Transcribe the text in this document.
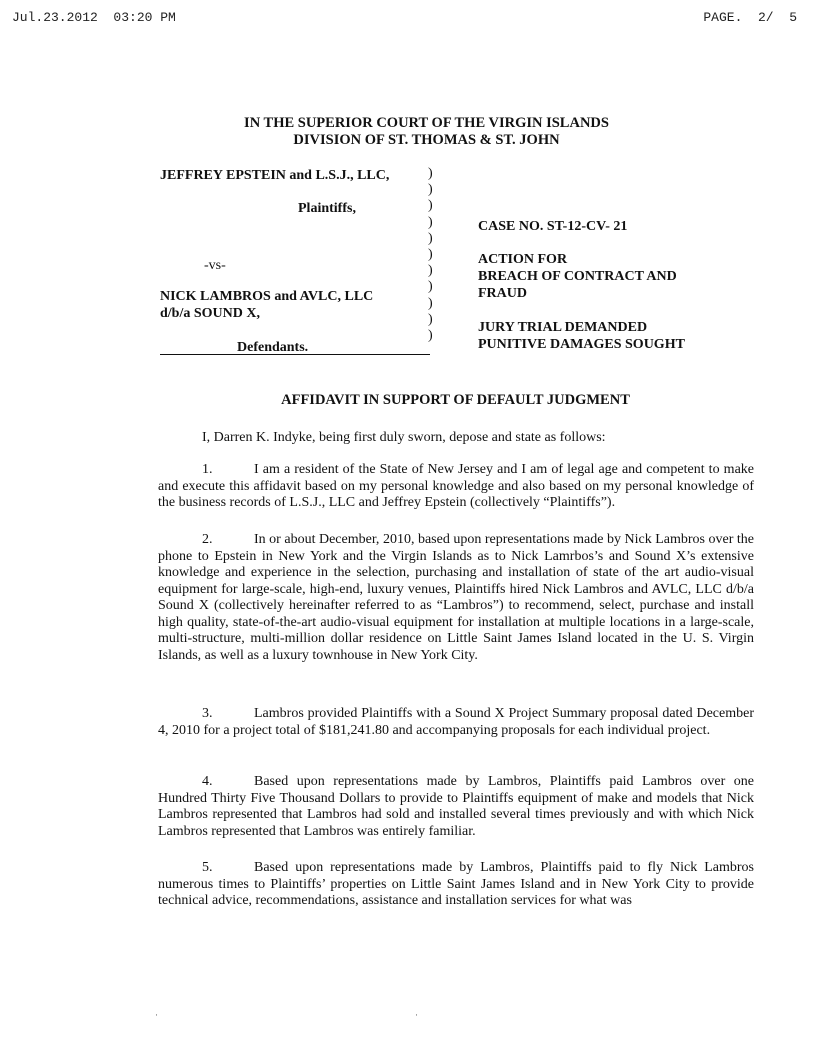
Jul.23.2012  03:20 PM	PAGE.  2/  5
IN THE SUPERIOR COURT OF THE VIRGIN ISLANDS
DIVISION OF ST. THOMAS & ST. JOHN
JEFFREY EPSTEIN and L.S.J., LLC,
Plaintiffs,
-vs-
NICK LAMBROS and AVLC, LLC
d/b/a SOUND X,
Defendants.
)
)
)
)
)
)
)
)
)
)
)
CASE NO. ST-12-CV- 21
ACTION FOR
BREACH OF CONTRACT AND
FRAUD
JURY TRIAL DEMANDED
PUNITIVE DAMAGES SOUGHT
AFFIDAVIT IN SUPPORT OF DEFAULT JUDGMENT
I, Darren K. Indyke, being first duly sworn, depose and state as follows:
1.	I am a resident of the State of New Jersey and I am of legal age and competent to make and execute this affidavit based on my personal knowledge and also based on my personal knowledge of the business records of L.S.J., LLC and Jeffrey Epstein (collectively “Plaintiffs”).
2.	In or about December, 2010, based upon representations made by Nick Lambros over the phone to Epstein in New York and the Virgin Islands as to Nick Lamrbos’s and Sound X’s extensive knowledge and experience in the selection, purchasing and installation of state of the art audio-visual equipment for large-scale, high-end, luxury venues, Plaintiffs hired Nick Lambros and AVLC, LLC d/b/a Sound X (collectively hereinafter referred to as “Lambros”) to recommend, select, purchase and install high quality, state-of-the-art audio-visual equipment for installation at multiple locations in a large-scale, multi-structure, multi-million dollar residence on Little Saint James Island located in the U. S. Virgin Islands, as well as a luxury townhouse in New York City.
3.	Lambros provided Plaintiffs with a Sound X Project Summary proposal dated December 4, 2010 for a project total of $181,241.80 and accompanying proposals for each individual project.
4.	Based upon representations made by Lambros, Plaintiffs paid Lambros over one Hundred Thirty Five Thousand Dollars to provide to Plaintiffs equipment of make and models that Nick Lambros represented that Lambros had sold and installed several times previously and with which Nick Lambros represented that Lambros was entirely familiar.
5.	Based upon representations made by Lambros, Plaintiffs paid to fly Nick Lambros numerous times to Plaintiffs’ properties on Little Saint James Island and in New York City to provide technical advice, recommendations, assistance and installation services for what was
·	·
